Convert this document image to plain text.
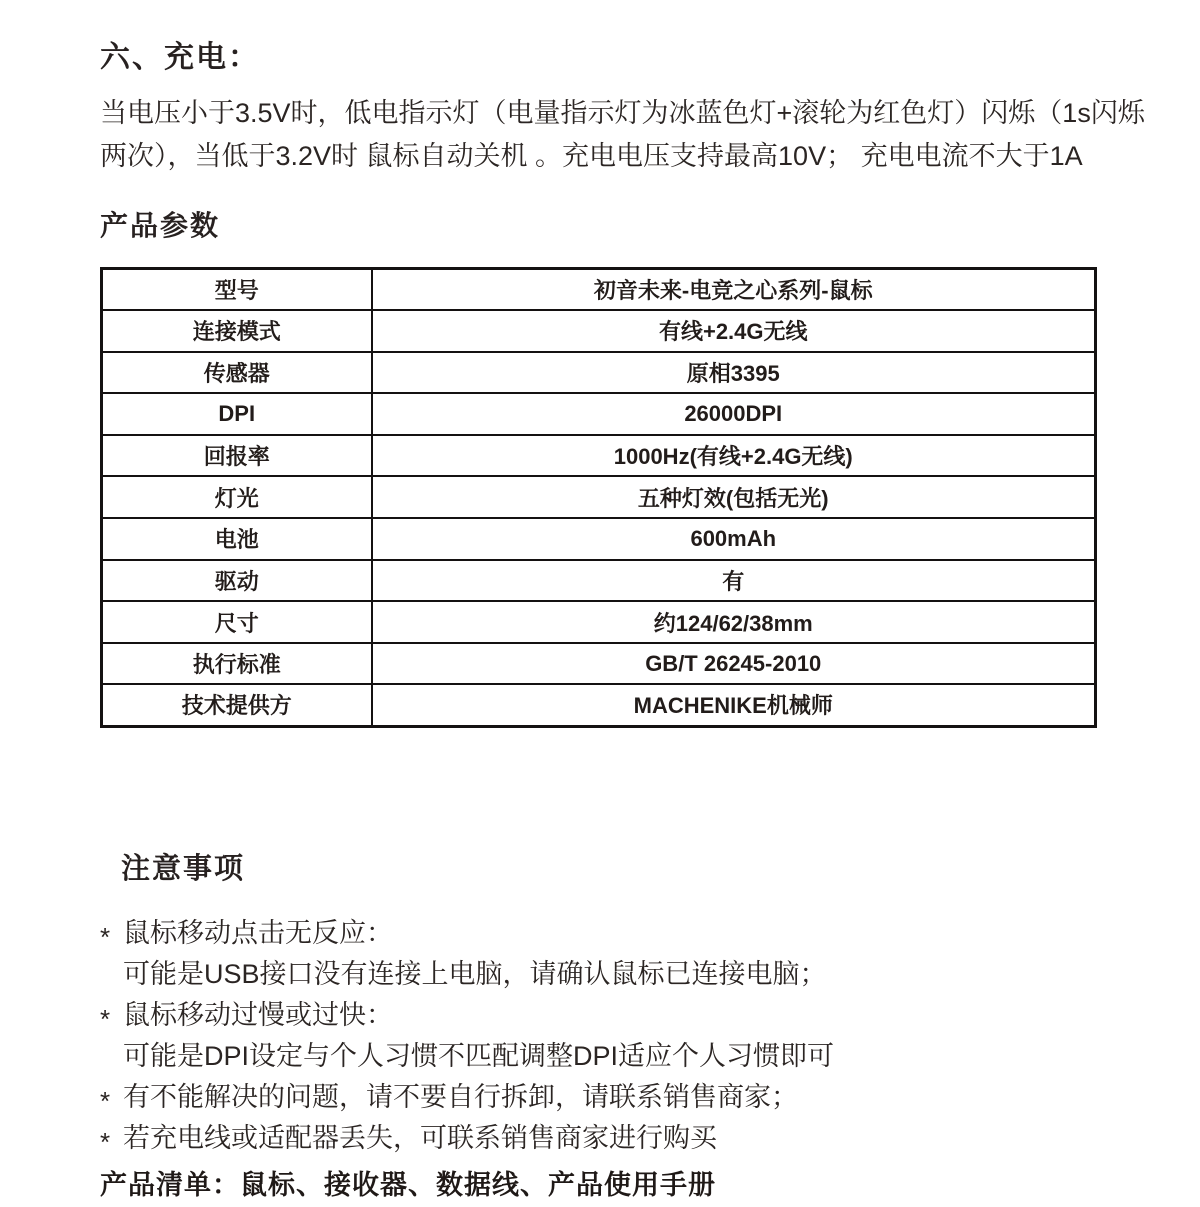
六、充电：
当电压小于3.5V时，低电指示灯（电量指示灯为冰蓝色灯+滚轮为红色灯）闪烁（1s闪烁
两次），当低于3.2V时 鼠标自动关机 。充电电压支持最高10V； 充电电流不大于1A
产品参数
型号	初音未来-电竞之心系列-鼠标
连接模式	有线+2.4G无线
传感器	原相3395
DPI	26000DPI
回报率	1000Hz(有线+2.4G无线)
灯光	五种灯效(包括无光)
电池	600mAh
驱动	有
尺寸	约124/62/38mm
执行标准	GB/T 26245-2010
技术提供方	MACHENIKE机械师
注意事项
* 鼠标移动点击无反应：
可能是USB接口没有连接上电脑，请确认鼠标已连接电脑；
* 鼠标移动过慢或过快：
可能是DPI设定与个人习惯不匹配调整DPI适应个人习惯即可
* 有不能解决的问题，请不要自行拆卸，请联系销售商家；
* 若充电线或适配器丢失，可联系销售商家进行购买
产品清单：鼠标、接收器、数据线、产品使用手册
